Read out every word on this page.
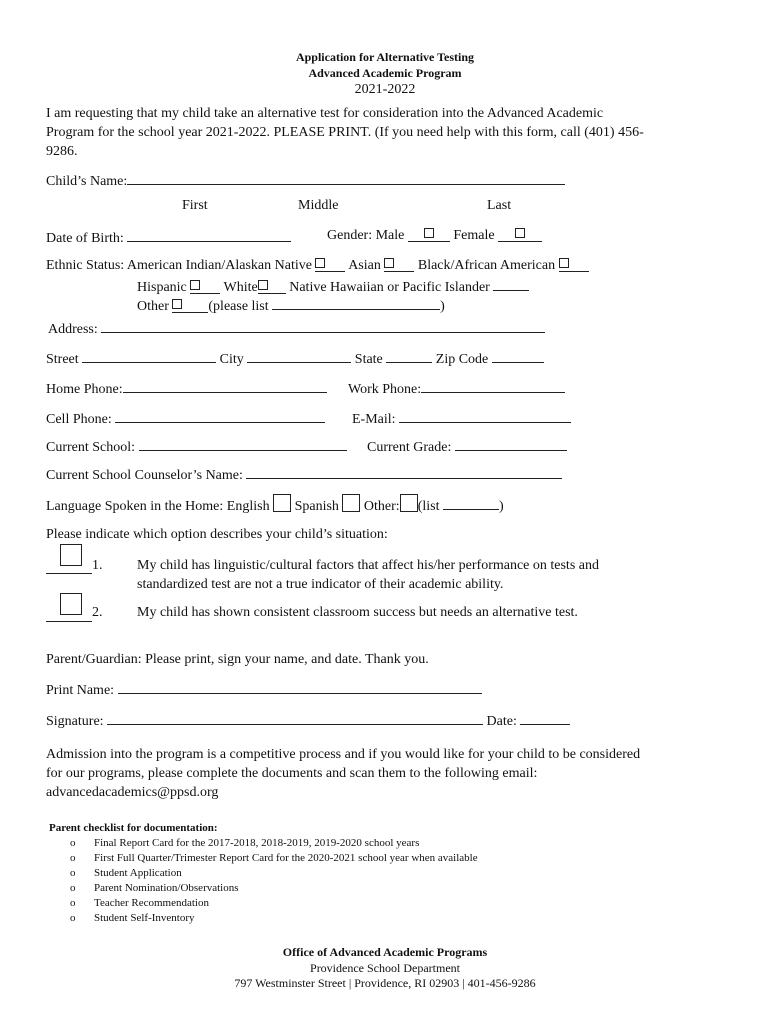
Application for Alternative Testing
Advanced Academic Program
2021-2022
I am requesting that my child take an alternative test for consideration into the Advanced Academic Program for the school year 2021-2022. PLEASE PRINT. (If you need help with this form, call (401) 456-9286.
Child’s Name:
First	Middle	Last
Date of Birth:	Gender: Male	Female
Ethnic Status: American Indian/Alaskan Native	Asian	Black/African American
Hispanic	White Native Hawaiian or Pacific Islander
Other	(please list	)
Address:
Street	City	State	Zip Code
Home Phone:	Work Phone:
Cell Phone:	E-Mail:
Current School:	Current Grade:
Current School Counselor’s Name:
Language Spoken in the Home: English Spanish Other: (list	)
Please indicate which option describes your child’s situation:
1. My child has linguistic/cultural factors that affect his/her performance on tests and
standardized test are not a true indicator of their academic ability.
2. My child has shown consistent classroom success but needs an alternative test.
Parent/Guardian: Please print, sign your name, and date. Thank you.
Print Name:
Signature:	Date:
Admission into the program is a competitive process and if you would like for your child to be considered
for our programs, please complete the documents and scan them to the following email:
advancedacademics@ppsd.org
Parent checklist for documentation:
o Final Report Card for the 2017-2018, 2018-2019, 2019-2020 school years
o First Full Quarter/Trimester Report Card for the 2020-2021 school year when available
o Student Application
o Parent Nomination/Observations
o Teacher Recommendation
o Student Self-Inventory
Office of Advanced Academic Programs
Providence School Department
797 Westminster Street | Providence, RI 02903 | 401-456-9286
